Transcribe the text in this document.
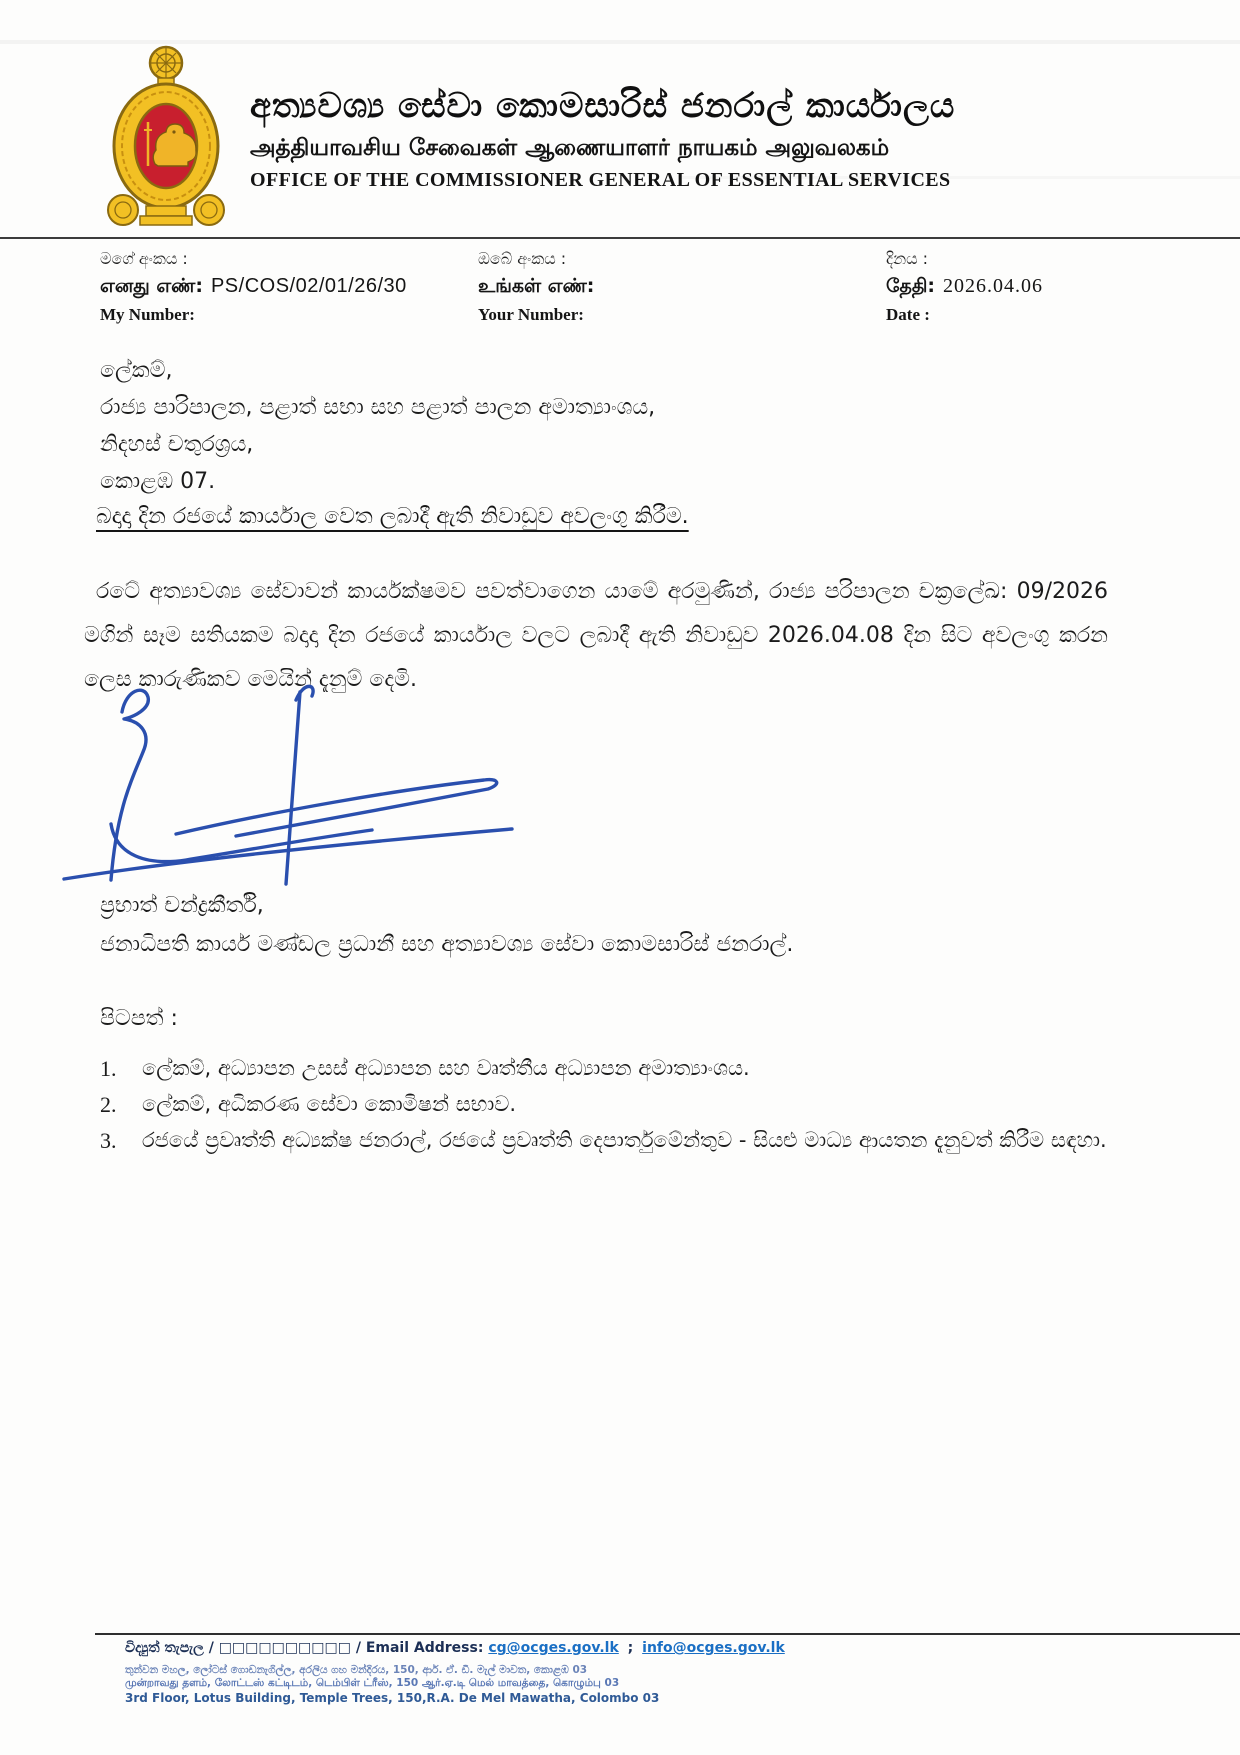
අත්‍යවශ්‍ය සේවා කොමසාරිස් ජනරාල් කාර්යාලය
அத்தியாவசிய சேவைகள் ஆணையாளர் நாயகம் அலுவலகம்
OFFICE OF THE COMMISSIONER GENERAL OF ESSENTIAL SERVICES
මගේ අංකය :
எனது எண்: PS/COS/02/01/26/30
My Number:
ඔබේ අංකය :
உங்கள் எண்:
Your Number:
දිනය :
தேதி: 2026.04.06
Date :
ලේකම්,
රාජ්‍ය පාරිපාලන, පළාත් සභා සහ පළාත් පාලන අමාත්‍යාංශය,
නිදහස් චතුරශ්‍රය,
කොළඹ 07.
බදාදා දින රජයේ කාර්යාල වෙත ලබාදී ඇති නිවාඩුව අවලංගු කිරීම.

රටේ අත්‍යාවශ්‍ය සේවාවන් කාර්යක්ෂමව පවත්වාගෙන යාමේ අරමුණින්, රාජ්‍ය පරිපාලන චක්‍රලේඛ: 09/2026 මගින් සෑම සතියකම බදාදා දින රජයේ කාර්යාල වලට ලබාදී ඇති නිවාඩුව 2026.04.08 දින සිට අවලංගු කරන ලෙස කාරුණිකව මෙයින් දැනුම් දෙමි.

ප්‍රභාත් චන්ද්‍රකීර්ති,
ජනාධිපති කාර්ය මණ්ඩල ප්‍රධානී සහ අත්‍යාවශ්‍ය සේවා කොමසාරිස් ජනරාල්.
පිටපත් :
1.	ලේකම්, අධ්‍යාපන උසස් අධ්‍යාපන සහ වෘත්තීය අධ්‍යාපන අමාත්‍යාංශය.
2.	ලේකම්, අධිකරණ සේවා කොමිෂන් සභාව.
3.	රජයේ ප්‍රවෘත්ති අධ්‍යක්ෂ ජනරාල්, රජයේ ප්‍රවෘත්ති දෙපාර්තුමේන්තුව - සියළු මාධ්‍ය ආයතන දැනුවත් කිරීම සඳහා.
විද්‍යුත් තැපැල / □□□□□□□□□□ / Email Address: cg@ocges.gov.lk ; info@ocges.gov.lk
තුන්වන මහල, ලෝටස් ගොඩනැගිල්ල, අරලිය ගහ මන්දිරය, 150, ආර්. ඒ. ඩී. මැල් මාවත, කොළඹ 03
முன்றாவது தளம், லோட்டஸ் கட்டிடம், டெம்பிள் ட்ரீஸ், 150 ஆர்.ஏ.டி மெல் மாவத்தை, கொழும்பு 03
3rd Floor, Lotus Building, Temple Trees, 150,R.A. De Mel Mawatha, Colombo 03
